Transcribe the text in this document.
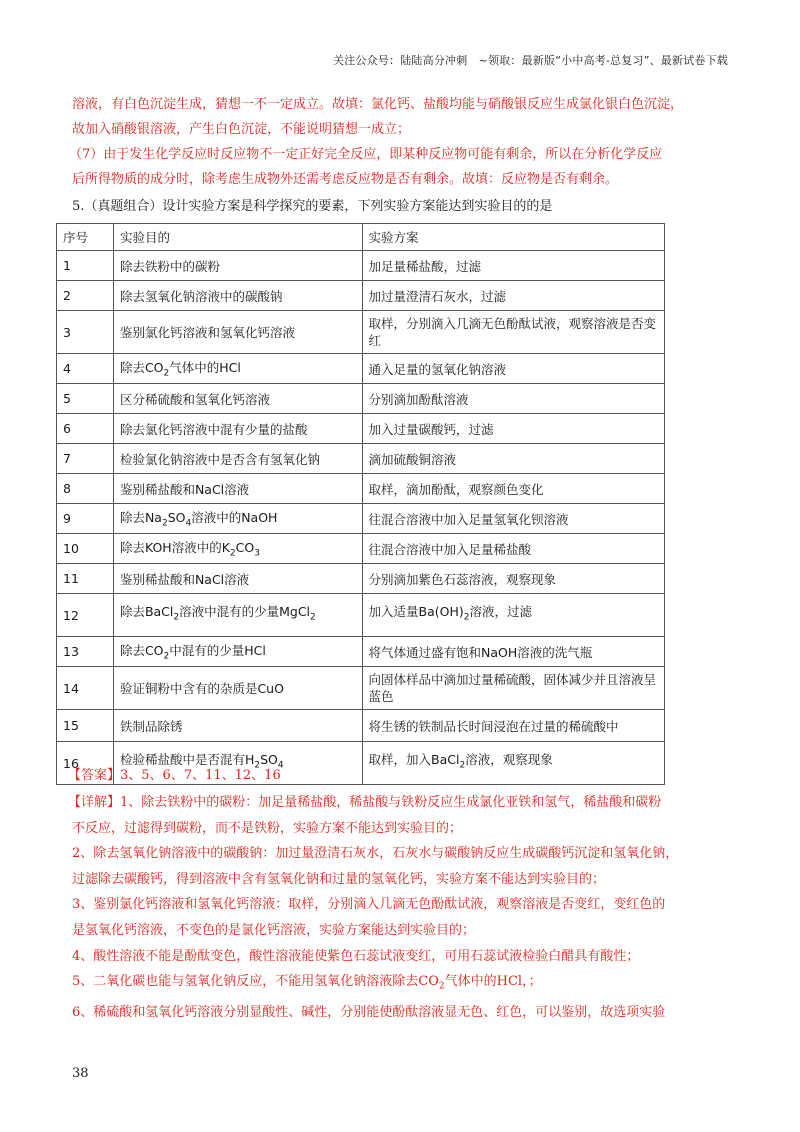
关注公众号：陆陆高分冲刺　~领取：最新版“小中高考-总复习”、最新试卷下载
溶液，有白色沉淀生成，猜想一不一定成立。故填：氯化钙、盐酸均能与硝酸银反应生成氯化银白色沉淀，
故加入硝酸银溶液，产生白色沉淀，不能说明猜想一成立；
（7）由于发生化学反应时反应物不一定正好完全反应，即某种反应物可能有剩余，所以在分析化学反应
后所得物质的成分时，除考虑生成物外还需考虑反应物是否有剩余。故填：反应物是否有剩余。
5.（真题组合）设计实验方案是科学探究的要素，下列实验方案能达到实验目的的是
序号	实验目的	实验方案
1	除去铁粉中的碳粉	加足量稀盐酸，过滤
2	除去氢氧化钠溶液中的碳酸钠	加过量澄清石灰水，过滤
3	鉴别氯化钙溶液和氢氧化钙溶液	取样，分别滴入几滴无色酚酞试液，观察溶液是否变红
4	除去$CO_2$气体中的HCl	通入足量的氢氧化钠溶液
5	区分稀硫酸和氢氧化钙溶液	分别滴加酚酞溶液
6	除去氯化钙溶液中混有少量的盐酸	加入过量碳酸钙，过滤
7	检验氯化钠溶液中是否含有氢氧化钠	滴加硫酸铜溶液
8	鉴别稀盐酸和NaCl溶液	取样，滴加酚酞，观察颜色变化
9	除去$Na_2SO_4$溶液中的NaOH	往混合溶液中加入足量氢氧化钡溶液
10	除去KOH溶液中的$K_2CO_3$	往混合溶液中加入足量稀盐酸
11	鉴别稀盐酸和NaCl溶液	分别滴加紫色石蕊溶液，观察现象
12	除去BaCl$_2$溶液中混有的少量MgCl$_2$	加入适量$Ba(OH)_2$溶液，过滤
13	除去$CO_2$中混有的少量HCl	将气体通过盛有饱和NaOH溶液的洗气瓶
14	验证铜粉中含有的杂质是CuO	向固体样品中滴加过量稀硫酸，固体减少并且溶液呈蓝色
15	铁制品除锈	将生锈的铁制品长时间浸泡在过量的稀硫酸中
16	检验稀盐酸中是否混有$H_2SO_4$	取样，加入BaCl$_2$溶液，观察现象
【答案】3、5、6、7、11、12、16
【详解】1、除去铁粉中的碳粉：加足量稀盐酸，稀盐酸与铁粉反应生成氯化亚铁和氢气，稀盐酸和碳粉
不反应，过滤得到碳粉，而不是铁粉，实验方案不能达到实验目的；
2、除去氢氧化钠溶液中的碳酸钠：加过量澄清石灰水，石灰水与碳酸钠反应生成碳酸钙沉淀和氢氧化钠，
过滤除去碳酸钙，得到溶液中含有氢氧化钠和过量的氢氧化钙，实验方案不能达到实验目的；
3、鉴别氯化钙溶液和氢氧化钙溶液：取样，分别滴入几滴无色酚酞试液，观察溶液是否变红，变红色的
是氢氧化钙溶液，不变色的是氯化钙溶液，实验方案能达到实验目的；
4、酸性溶液不能是酚酞变色，酸性溶液能使紫色石蕊试液变红，可用石蕊试液检验白醋具有酸性；
5、二氧化碳也能与氢氧化钠反应，不能用氢氧化钠溶液除去$CO_2$气体中的HCl，；
6、稀硫酸和氢氧化钙溶液分别显酸性、碱性，分别能使酚酞溶液显无色、红色，可以鉴别，故选项实验
38
